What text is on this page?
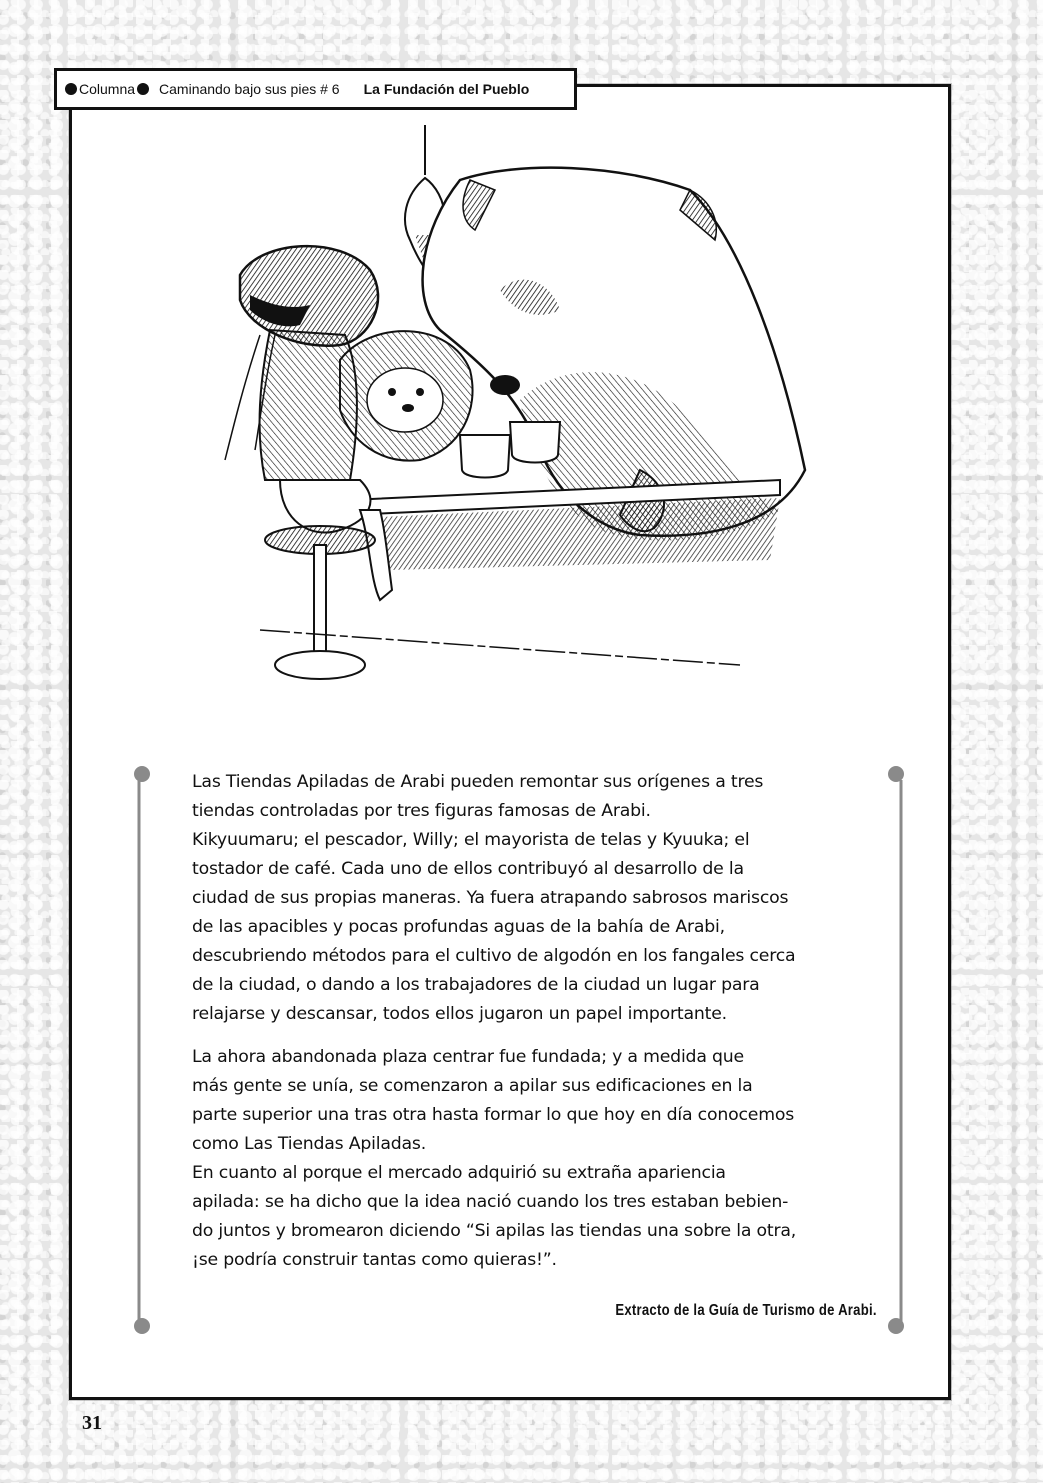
Columna Caminando bajo sus pies # 6 La Fundación del Pueblo

Las Tiendas Apiladas de Arabi pueden remontar sus orígenes a tres
tiendas controladas por tres figuras famosas de Arabi.
Kikyuumaru; el pescador, Willy; el mayorista de telas y Kyuuka; el
tostador de café. Cada uno de ellos contribuyó al desarrollo de la
ciudad de sus propias maneras. Ya fuera atrapando sabrosos mariscos
de las apacibles y pocas profundas aguas de la bahía de Arabi,
descubriendo métodos para el cultivo de algodón en los fangales cerca
de la ciudad, o dando a los trabajadores de la ciudad un lugar para
relajarse y descansar, todos ellos jugaron un papel importante.

La ahora abandonada plaza centrar fue fundada; y a medida que
más gente se unía, se comenzaron a apilar sus edificaciones en la
parte superior una tras otra hasta formar lo que hoy en día conocemos
como Las Tiendas Apiladas.
En cuanto al porque el mercado adquirió su extraña apariencia
apilada: se ha dicho que la idea nació cuando los tres estaban bebien-
do juntos y bromearon diciendo “Si apilas las tiendas una sobre la otra,
¡se podría construir tantas como quieras!”.

Extracto de la Guía de Turismo de Arabi.
31
